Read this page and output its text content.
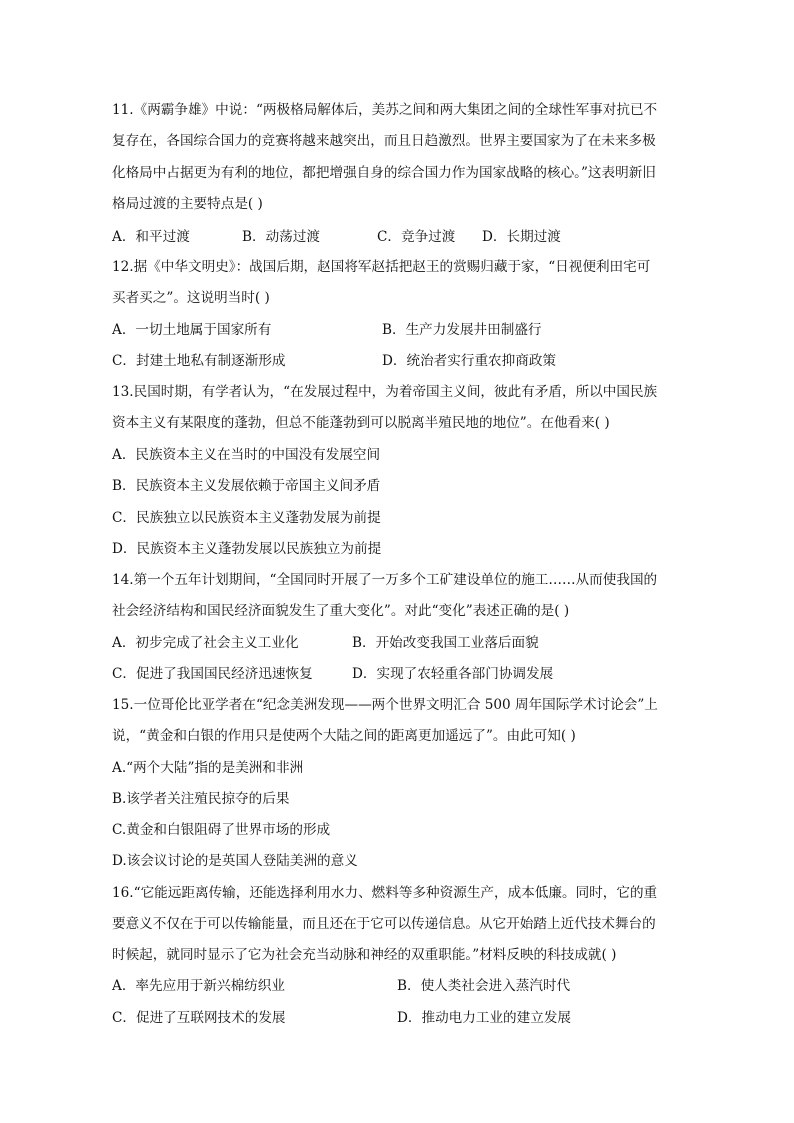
11.《两霸争雄》中说：“两极格局解体后，美苏之间和两大集团之间的全球性军事对抗已不
复存在，各国综合国力的竞赛将越来越突出，而且日趋激烈。世界主要国家为了在未来多极
化格局中占据更为有利的地位，都把增强自身的综合国力作为国家战略的核心。”这表明新旧
格局过渡的主要特点是( )
A．和平过渡	B．动荡过渡	C．竞争过渡 D．长期过渡
12.据《中华文明史》：战国后期，赵国将军赵括把赵王的赏赐归藏于家，“日视便利田宅可
买者买之”。这说明当时( )
A．一切土地属于国家所有	B．生产力发展井田制盛行
C．封建土地私有制逐渐形成	D．统治者实行重农抑商政策
13.民国时期，有学者认为，“在发展过程中，为着帝国主义间，彼此有矛盾，所以中国民族
资本主义有某限度的蓬勃，但总不能蓬勃到可以脱离半殖民地的地位”。在他看来( )
A．民族资本主义在当时的中国没有发展空间
B．民族资本主义发展依赖于帝国主义间矛盾
C．民族独立以民族资本主义蓬勃发展为前提
D．民族资本主义蓬勃发展以民族独立为前提
14.第一个五年计划期间，“全国同时开展了一万多个工矿建设单位的施工……从而使我国的
社会经济结构和国民经济面貌发生了重大变化”。对此“变化”表述正确的是( )
A．初步完成了社会主义工业化	B．开始改变我国工业落后面貌
C．促进了我国国民经济迅速恢复	D．实现了农轻重各部门协调发展
15.一位哥伦比亚学者在“纪念美洲发现——两个世界文明汇合 500 周年国际学术讨论会”上
说，“黄金和白银的作用只是使两个大陆之间的距离更加遥远了”。由此可知( )
A.“两个大陆”指的是美洲和非洲
B.该学者关注殖民掠夺的后果
C.黄金和白银阻碍了世界市场的形成
D.该会议讨论的是英国人登陆美洲的意义
16.“它能远距离传输，还能选择利用水力、燃料等多种资源生产，成本低廉。同时，它的重
要意义不仅在于可以传输能量，而且还在于它可以传递信息。从它开始踏上近代技术舞台的
时候起，就同时显示了它为社会充当动脉和神经的双重职能。”材料反映的科技成就( )
A．率先应用于新兴棉纺织业	B．使人类社会进入蒸汽时代
C．促进了互联网技术的发展	D．推动电力工业的建立发展
